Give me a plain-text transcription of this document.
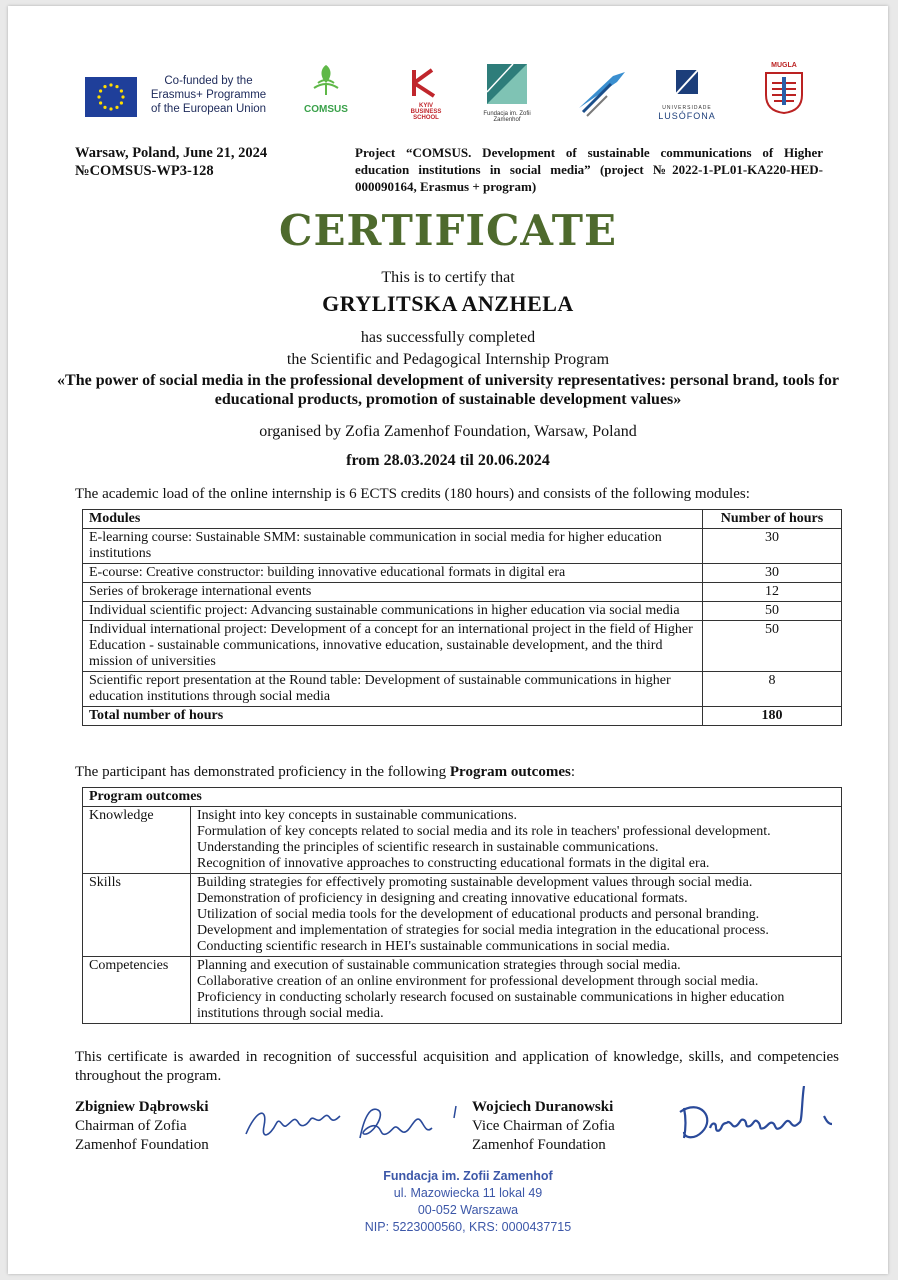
Co-funded by the
Erasmus+ Programme
of the European Union	COMSUS	KYIV BUSINESS SCHOOL
Fundacja im. Zofii Zamenhof
UNIVERSIDADE
LUSÓFONA
MUGLA
Warsaw, Poland, June 21, 2024
№COMSUS-WP3-128
Project “COMSUS. Development of sustainable communications of Higher education institutions in social media” (project №2022-1-PL01-KA220-HED-000090164, Erasmus + program)
CERTIFICATE
This is to certify that
GRYLITSKA ANZHELA
has successfully completed
the Scientific and Pedagogical Internship Program
«The power of social media in the professional development of university representatives: personal brand, tools for educational products, promotion of sustainable development values»
organised by Zofia Zamenhof Foundation, Warsaw, Poland
from 28.03.2024 til 20.06.2024
The academic load of the online internship is 6 ECTS credits (180 hours) and consists of the following modules:
Modules	Number of hours
E-learning course: Sustainable SMM: sustainable communication in social media for higher education institutions	30
E-course: Creative constructor: building innovative educational formats in digital era	30
Series of brokerage international events	12
Individual scientific project: Advancing sustainable communications in higher education via social media	50
Individual international project: Development of a concept for an international project in the field of Higher Education - sustainable communications, innovative education, sustainable development, and the third mission of universities	50
Scientific report presentation at the Round table: Development of sustainable communications in higher education institutions through social media	8
Total number of hours	180
The participant has demonstrated proficiency in the following Program outcomes:
Program outcomes	
Knowledge	Insight into key concepts in sustainable communications.
Formulation of key concepts related to social media and its role in teachers' professional development.
Understanding the principles of scientific research in sustainable communications.
Recognition of innovative approaches to constructing educational formats in the digital era.

Skills	Building strategies for effectively promoting sustainable development values through social media.
Demonstration of proficiency in designing and creating innovative educational formats.
Utilization of social media tools for the development of educational products and personal branding.
Development and implementation of strategies for social media integration in the educational process.
Conducting scientific research in HEI's sustainable communications in social media.

Competencies	Planning and execution of sustainable communication strategies through social media.
Collaborative creation of an online environment for professional development through social media.
Proficiency in conducting scholarly research focused on sustainable communications in higher education institutions through social media.
This certificate is awarded in recognition of successful acquisition and application of knowledge, skills, and competencies throughout the program.
Zbigniew Dąbrowski
Chairman of Zofia
Zamenhof Foundation
Wojciech Duranowski
Vice Chairman of Zofia
Zamenhof Foundation
Fundacja im. Zofii Zamenhof
ul. Mazowiecka 11 lokal 49
00-052 Warszawa
NIP: 5223000560, KRS: 0000437715
